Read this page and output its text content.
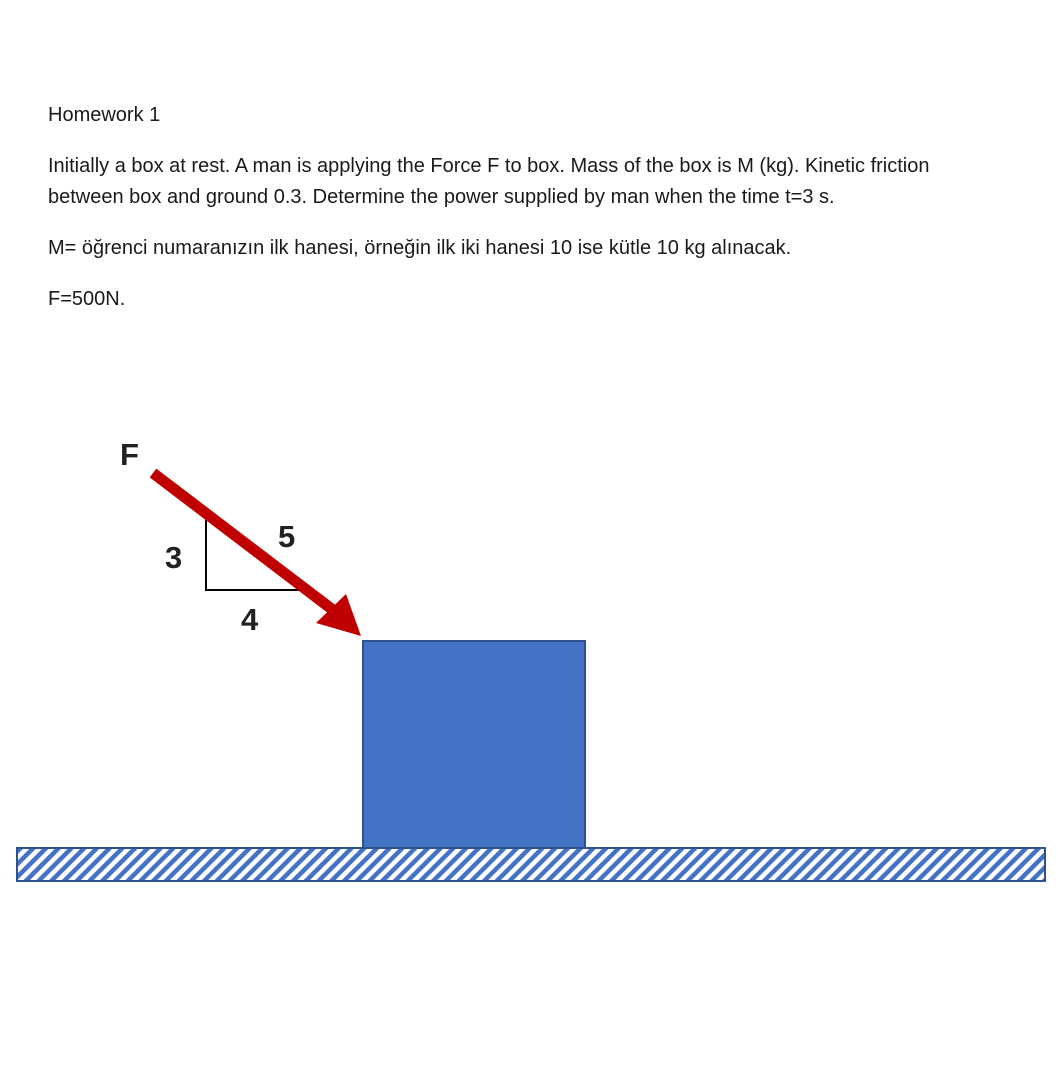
Homework 1

Initially a box at rest. A man is applying the Force F to box. Mass of the box is M (kg). Kinetic friction

between box and ground 0.3. Determine the power supplied by man when the time t=3 s.

M= öğrenci numaranızın ilk hanesi, örneğin ilk iki hanesi 10 ise kütle 10 kg alınacak.

F=500N.

F
3
4
5
